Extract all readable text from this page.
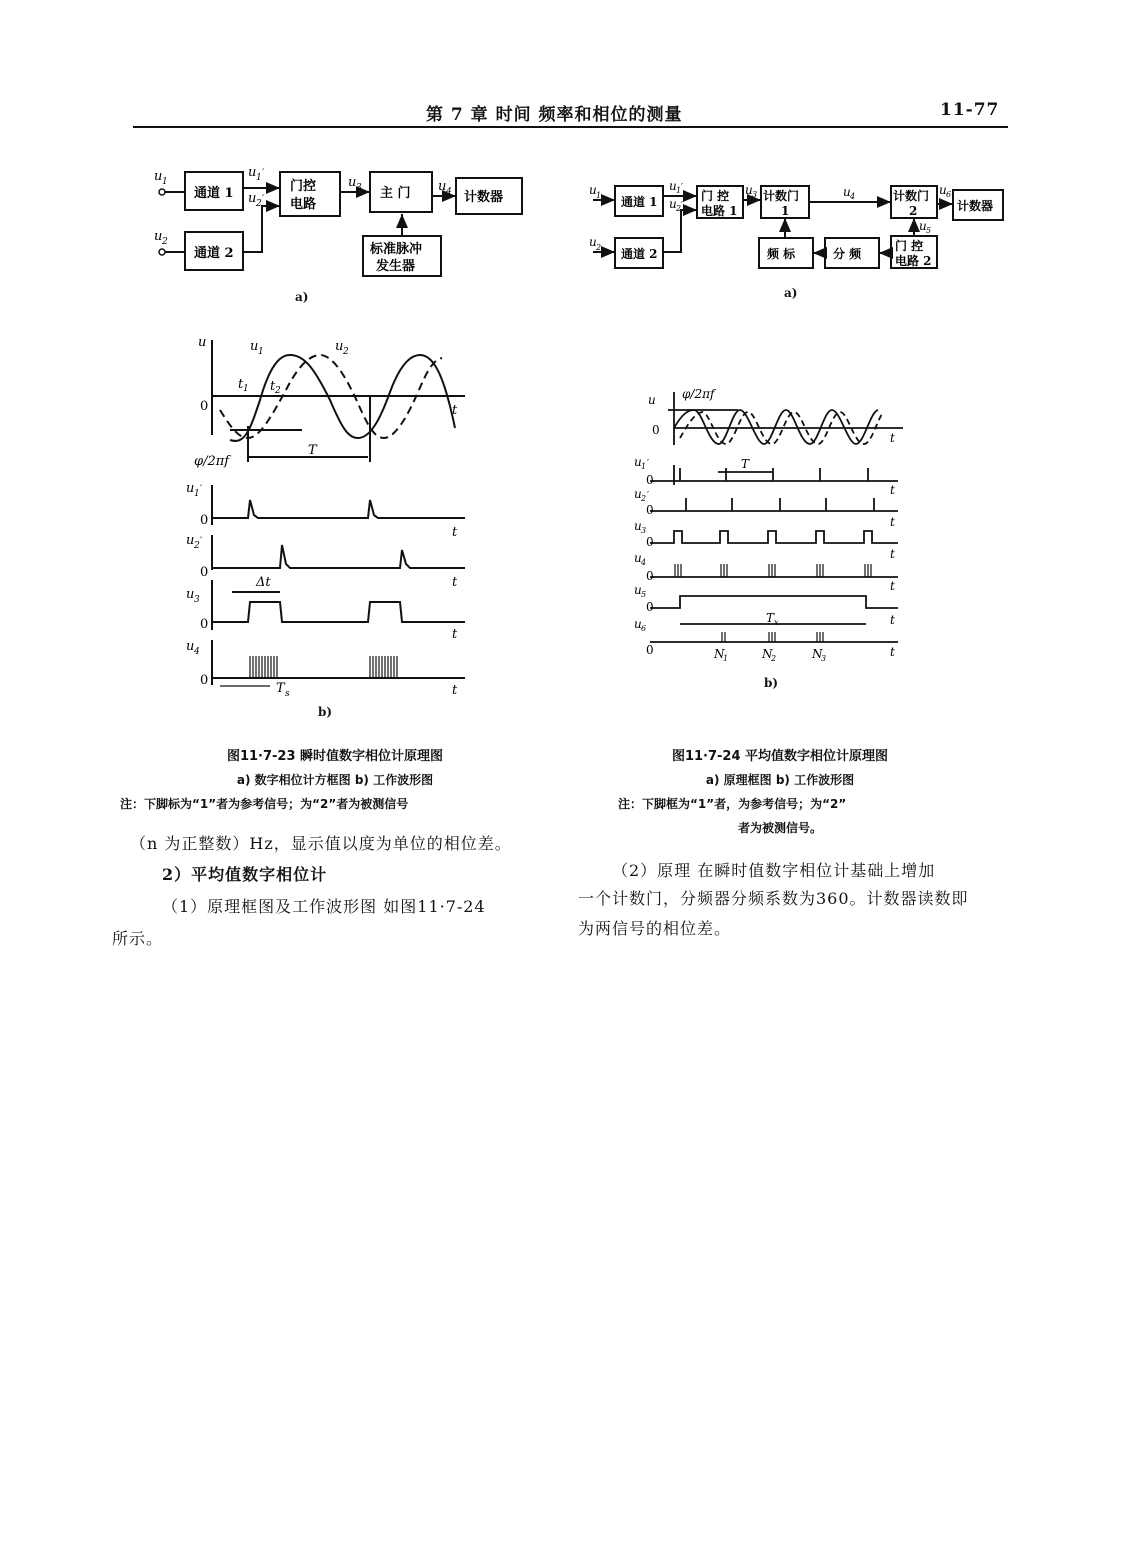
第 7 章 时间 频率和相位的测量	11-77
u 1
u 2
u 1 ′
u 2 ′
u 3	u 4
通道 1
通道 2
门控
电路
主 门	计数器
标准脉冲
发生器
a)
u
0
u 1	u 2
t 1 t 2
t
T
φ/2πf
u 1 ′
0
t
u 2 ′
0
t
Δt
u 3
0
t
u 4
0
t
T s
b)
图11·7-23 瞬时值数字相位计原理图
a) 数字相位计方框图 b) 工作波形图
注：下脚标为“1”者为参考信号；为“2”者为被测信号
u 1
u 2
u 1 ′
u 2 ′
u 3	u 4	u 6
u 5
通道 1
通道 2
门 控
电路 1
计数门
1
计数门
2	计数器
频 标	分 频
门 控
电路 2
a)
φ/2πf
u
0
t
u 1 ′
0
T
t
u 2 ′
0
t
u 3
0
t
u 4
0
t
u 5
0
t
T x
u 6
0	t
N
1	N
2	N
3
b)
图11·7-24 平均值数字相位计原理图
a) 原理框图 b) 工作波形图
注：下脚框为“1”者，为参考信号；为“2”
者为被测信号。
（n 为正整数）Hz，显示值以度为单位的相位差。
2）平均值数字相位计
（1）原理框图及工作波形图 如图11·7-24
所示。
（2）原理 在瞬时值数字相位计基础上增加
一个计数门，分频器分频系数为360。计数器读数即
为两信号的相位差。
